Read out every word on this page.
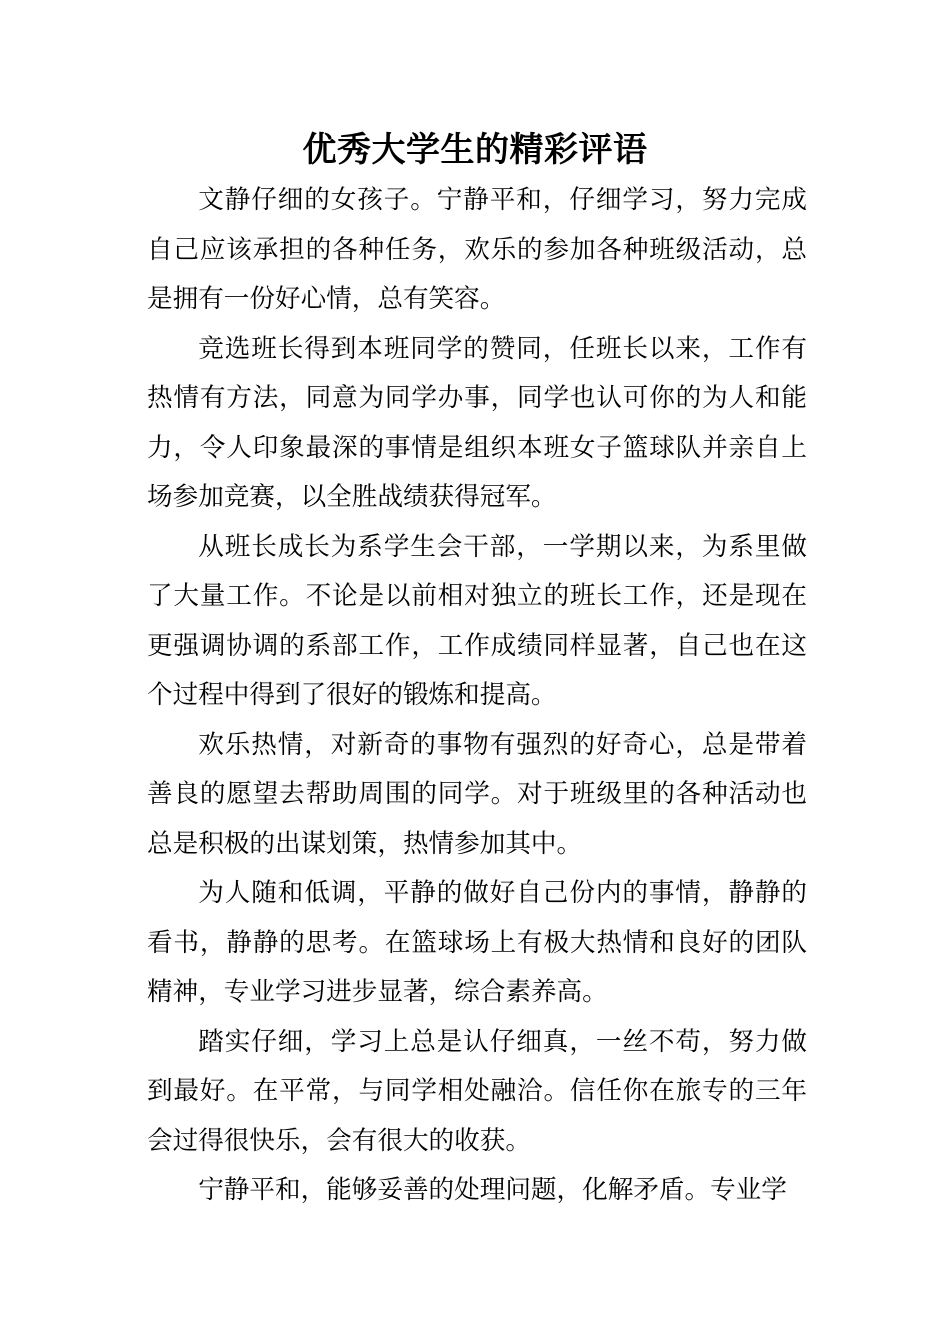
优秀大学生的精彩评语

文静仔细的女孩子。宁静平和，仔细学习，努力完成自己应该承担的各种任务，欢乐的参加各种班级活动，总是拥有一份好心情，总有笑容。

竞选班长得到本班同学的赞同，任班长以来，工作有热情有方法，同意为同学办事，同学也认可你的为人和能力，令人印象最深的事情是组织本班女子篮球队并亲自上场参加竞赛，以全胜战绩获得冠军。

从班长成长为系学生会干部，一学期以来，为系里做了大量工作。不论是以前相对独立的班长工作，还是现在更强调协调的系部工作，工作成绩同样显著，自己也在这个过程中得到了很好的锻炼和提高。

欢乐热情，对新奇的事物有强烈的好奇心，总是带着善良的愿望去帮助周围的同学。对于班级里的各种活动也总是积极的出谋划策，热情参加其中。

为人随和低调，平静的做好自己份内的事情，静静的看书，静静的思考。在篮球场上有极大热情和良好的团队精神，专业学习进步显著，综合素养高。

踏实仔细，学习上总是认仔细真，一丝不苟，努力做到最好。在平常，与同学相处融洽。信任你在旅专的三年会过得很快乐，会有很大的收获。

宁静平和，能够妥善的处理问题，化解矛盾。专业学
